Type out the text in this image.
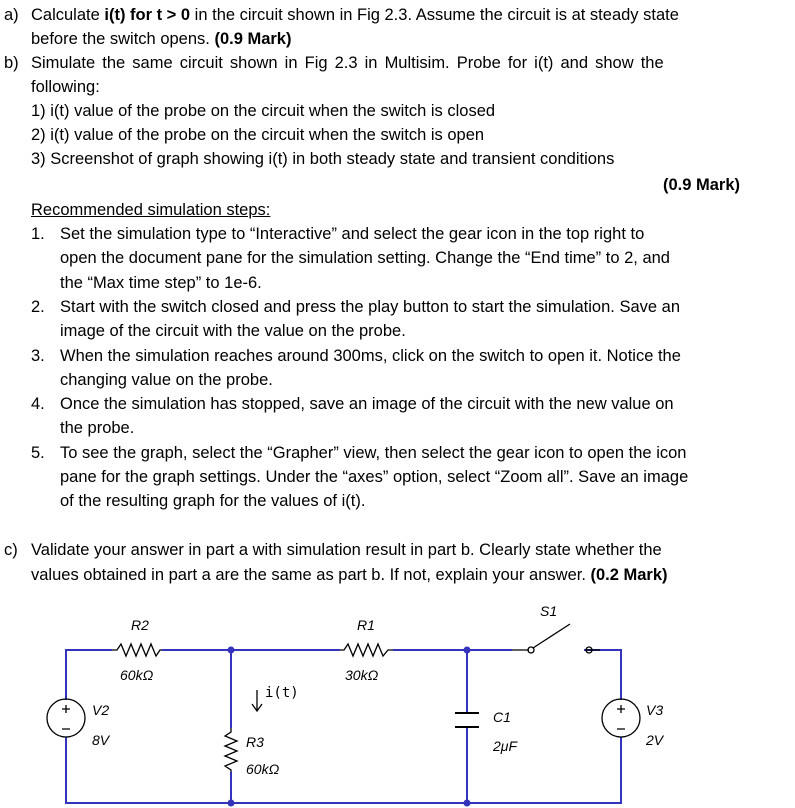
a) Calculate i(t) for t > 0 in the circuit shown in Fig 2.3. Assume the circuit is at steady state
before the switch opens. (0.9 Mark)
b) Simulate the same circuit shown in Fig 2.3 in Multisim. Probe for i(t) and show the
following:
1) i(t) value of the probe on the circuit when the switch is closed
2) i(t) value of the probe on the circuit when the switch is open
3) Screenshot of graph showing i(t) in both steady state and transient conditions
(0.9 Mark)
Recommended simulation steps:
1. Set the simulation type to “Interactive” and select the gear icon in the top right to
open the document pane for the simulation setting. Change the “End time” to 2, and
the “Max time step” to 1e-6.
2. Start with the switch closed and press the play button to start the simulation. Save an
image of the circuit with the value on the probe.
3. When the simulation reaches around 300ms, click on the switch to open it. Notice the
changing value on the probe.
4. Once the simulation has stopped, save an image of the circuit with the new value on
the probe.
5. To see the graph, select the “Grapher” view, then select the gear icon to open the icon
pane for the graph settings. Under the “axes” option, select “Zoom all”. Save an image
of the resulting graph for the values of i(t).
c) Validate your answer in part a with simulation result in part b. Clearly state whether the
values obtained in part a are the same as part b. If not, explain your answer. (0.2 Mark)
R2
60kΩ
R1
30kΩ
R3
60kΩ
C1
2μF
V2
8V
V3
2V
S1
i(t)
